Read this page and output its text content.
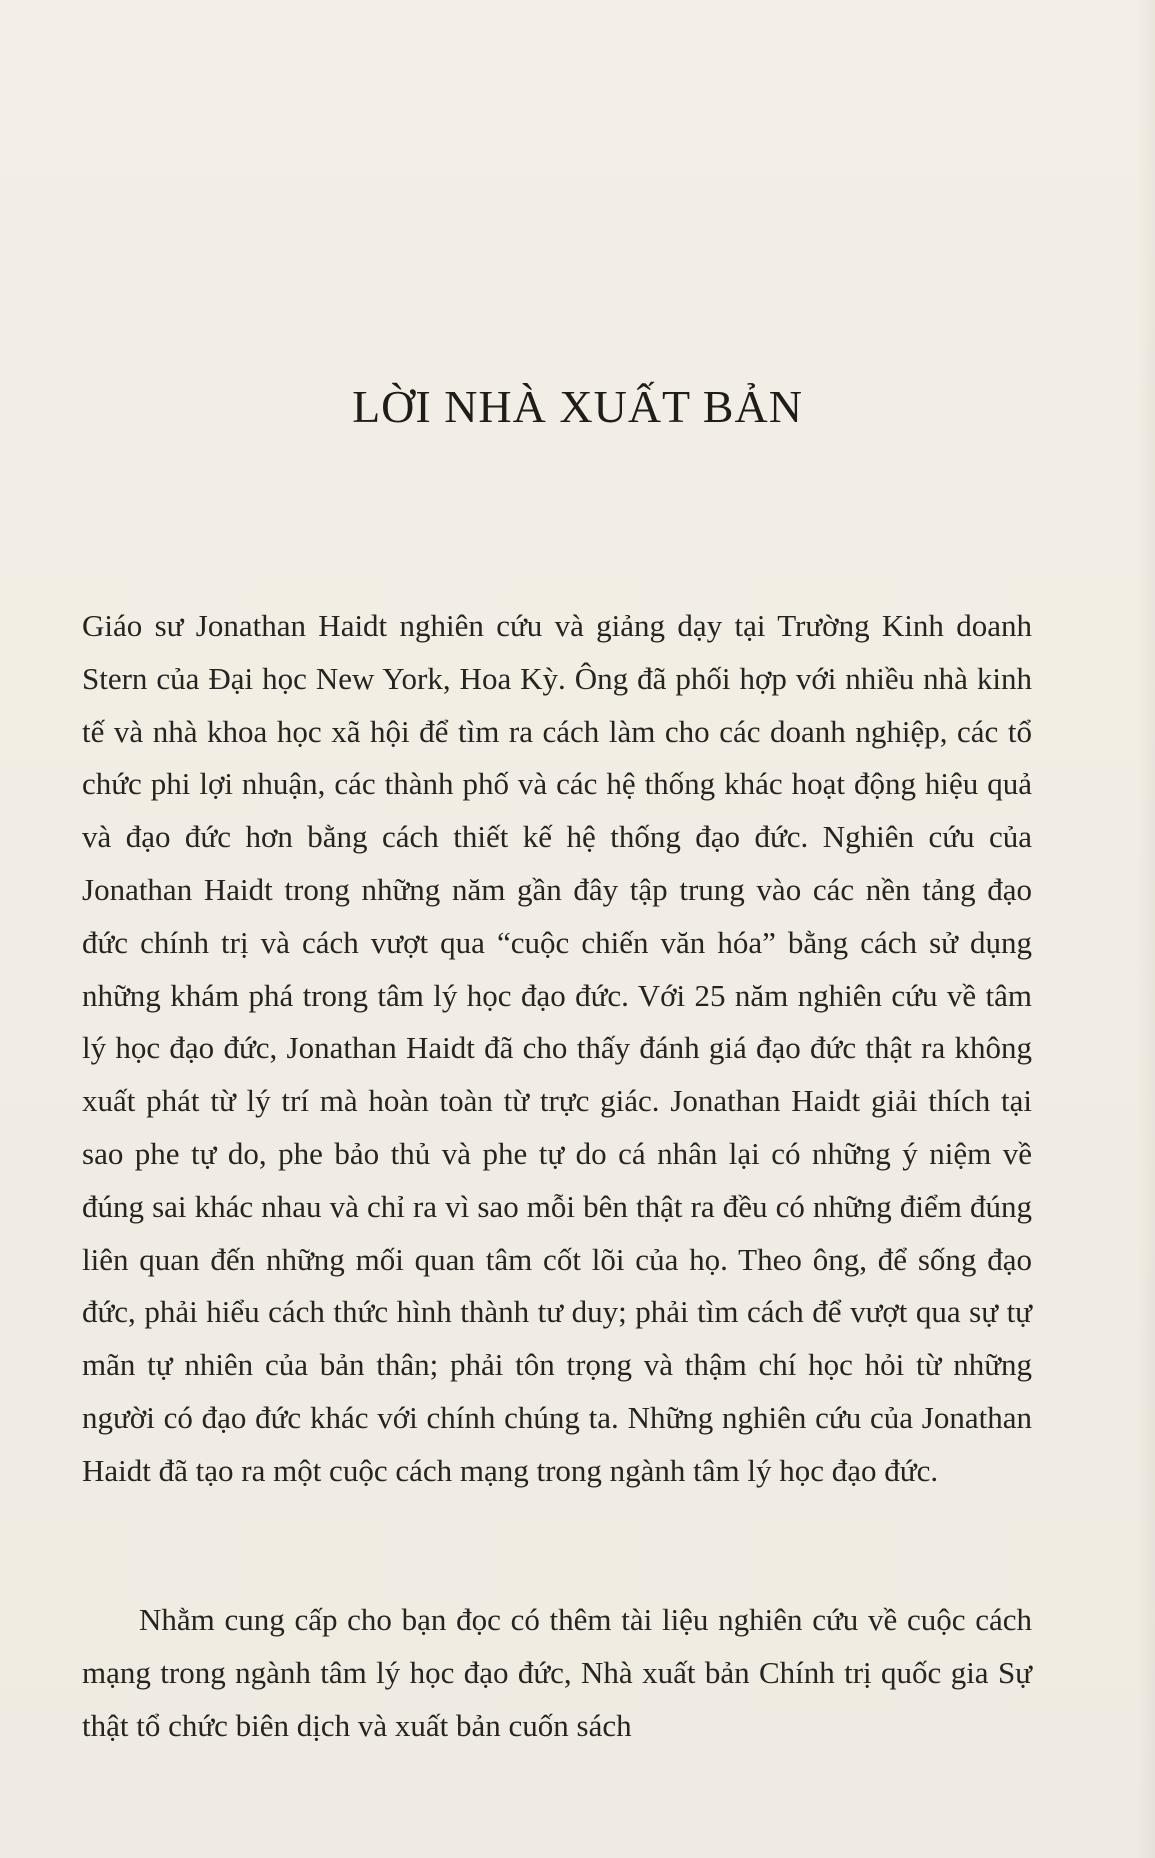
LỜI NHÀ XUẤT BẢN

Giáo sư Jonathan Haidt nghiên cứu và giảng dạy tại Trường Kinh doanh Stern của Đại học New York, Hoa Kỳ. Ông đã phối hợp với nhiều nhà kinh tế và nhà khoa học xã hội để tìm ra cách làm cho các doanh nghiệp, các tổ chức phi lợi nhuận, các thành phố và các hệ thống khác hoạt động hiệu quả và đạo đức hơn bằng cách thiết kế hệ thống đạo đức. Nghiên cứu của Jonathan Haidt trong những năm gần đây tập trung vào các nền tảng đạo đức chính trị và cách vượt qua “cuộc chiến văn hóa” bằng cách sử dụng những khám phá trong tâm lý học đạo đức. Với 25 năm nghiên cứu về tâm lý học đạo đức, Jonathan Haidt đã cho thấy đánh giá đạo đức thật ra không xuất phát từ lý trí mà hoàn toàn từ trực giác. Jonathan Haidt giải thích tại sao phe tự do, phe bảo thủ và phe tự do cá nhân lại có những ý niệm về đúng sai khác nhau và chỉ ra vì sao mỗi bên thật ra đều có những điểm đúng liên quan đến những mối quan tâm cốt lõi của họ. Theo ông, để sống đạo đức, phải hiểu cách thức hình thành tư duy; phải tìm cách để vượt qua sự tự mãn tự nhiên của bản thân; phải tôn trọng và thậm chí học hỏi từ những người có đạo đức khác với chính chúng ta. Những nghiên cứu của Jonathan Haidt đã tạo ra một cuộc cách mạng trong ngành tâm lý học đạo đức.

Nhằm cung cấp cho bạn đọc có thêm tài liệu nghiên cứu về cuộc cách mạng trong ngành tâm lý học đạo đức, Nhà xuất bản Chính trị quốc gia Sự thật tổ chức biên dịch và xuất bản cuốn sách
